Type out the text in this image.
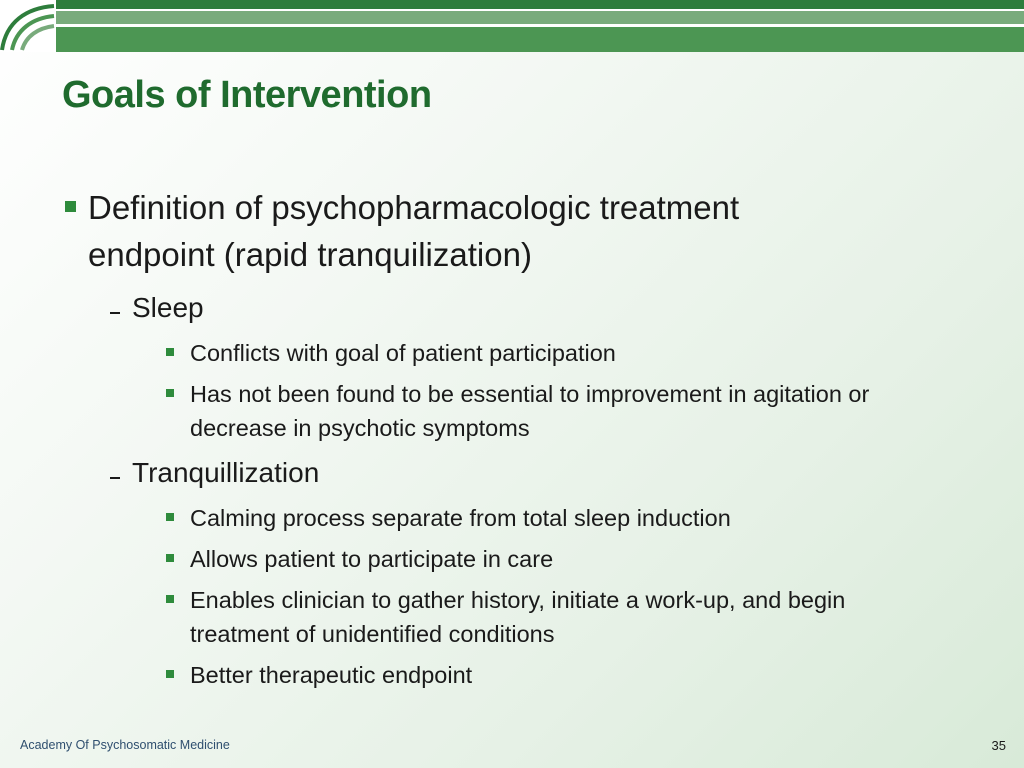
Goals of Intervention
Definition of psychopharmacologic treatment
endpoint (rapid tranquilization)
Sleep
Conflicts with goal of patient participation
Has not been found to be essential to improvement in agitation or
decrease in psychotic symptoms
Tranquillization
Calming process separate from total sleep induction
Allows patient to participate in care
Enables clinician to gather history, initiate a work-up, and begin
treatment of unidentified conditions
Better therapeutic endpoint
Academy Of Psychosomatic Medicine	35
